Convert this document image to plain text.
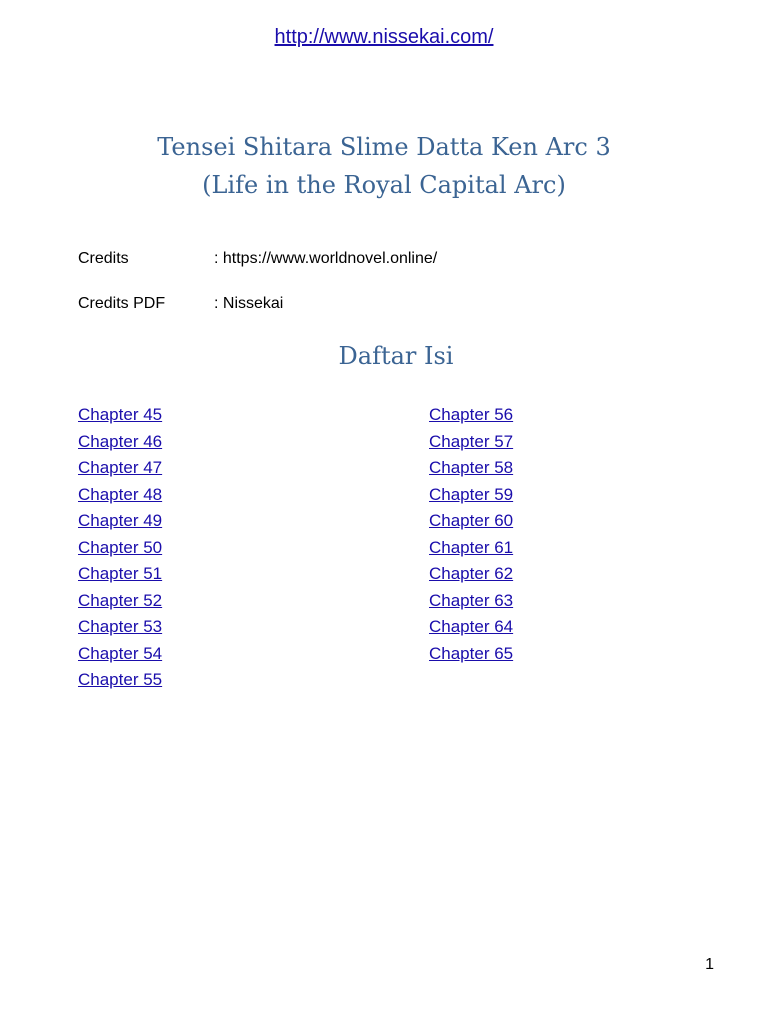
http://www.nissekai.com/
Tensei Shitara Slime Datta Ken Arc 3
(Life in the Royal Capital Arc)
Credits	: https://www.worldnovel.online/
Credits PDF	: Nissekai
Daftar Isi
Chapter 45
Chapter 46
Chapter 47
Chapter 48
Chapter 49
Chapter 50
Chapter 51
Chapter 52
Chapter 53
Chapter 54
Chapter 55
Chapter 56
Chapter 57
Chapter 58
Chapter 59
Chapter 60
Chapter 61
Chapter 62
Chapter 63
Chapter 64
Chapter 65
1
